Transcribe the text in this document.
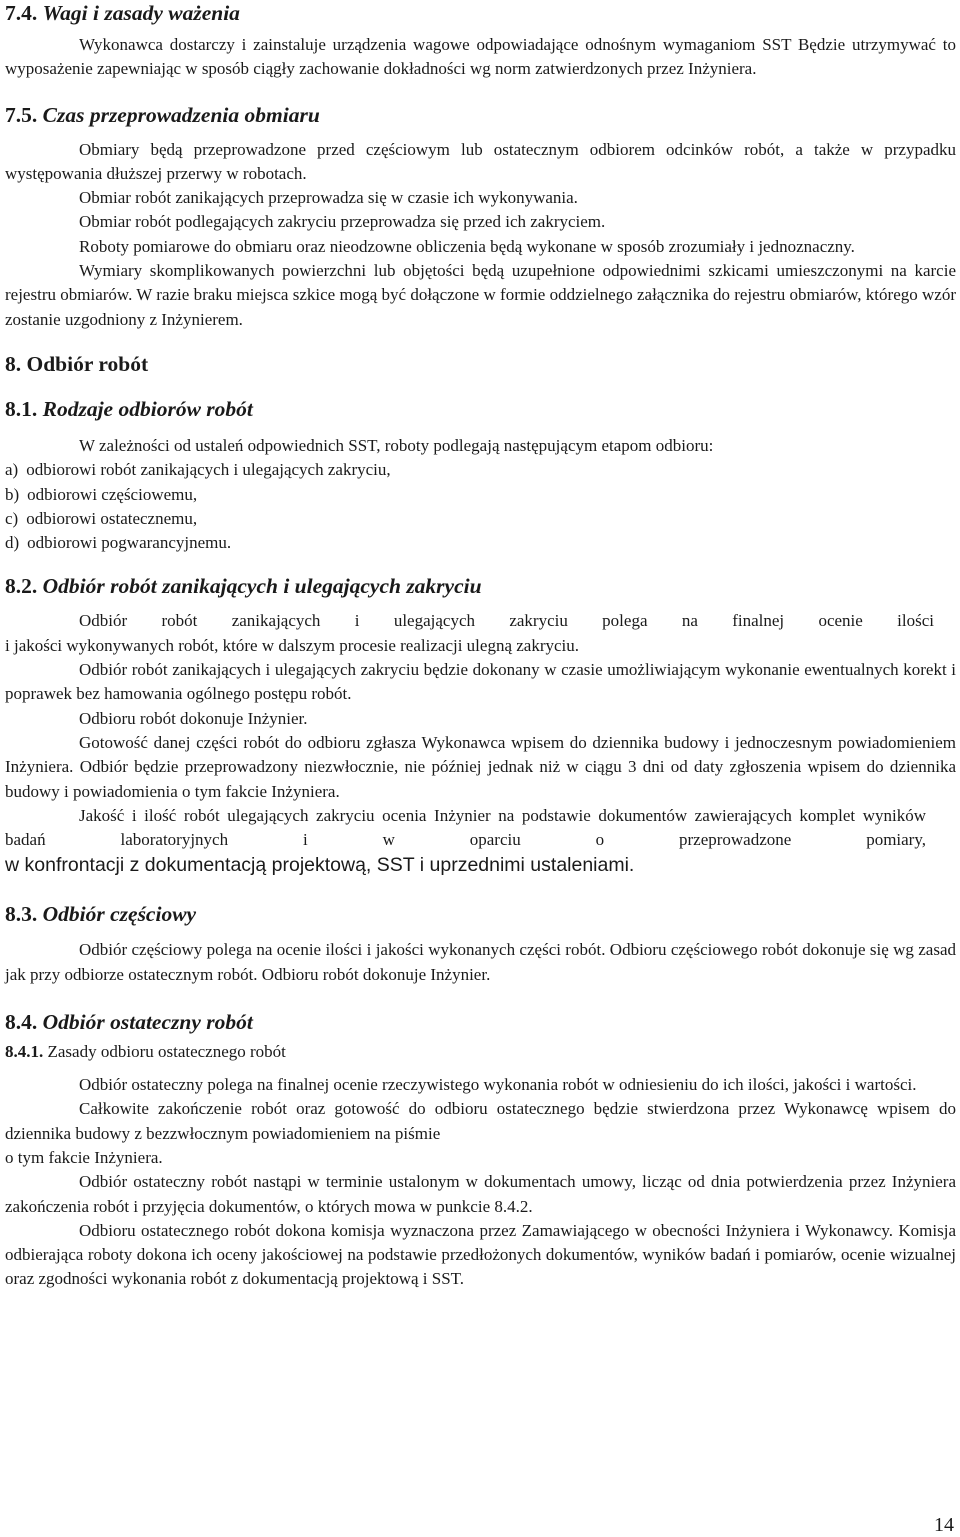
7.4. Wagi i zasady ważenia

Wykonawca dostarczy i zainstaluje urządzenia wagowe odpowiadające odnośnym wymaganiom SST Będzie utrzymywać to wyposażenie zapewniając w sposób ciągły zachowanie dokładności wg norm zatwierdzonych przez Inżyniera.

7.5. Czas przeprowadzenia obmiaru

Obmiary będą przeprowadzone przed częściowym lub ostatecznym odbiorem odcinków robót, a także w przypadku występowania dłuższej przerwy w robotach.

Obmiar robót zanikających przeprowadza się w czasie ich wykonywania.

Obmiar robót podlegających zakryciu przeprowadza się przed ich zakryciem.

Roboty pomiarowe do obmiaru oraz nieodzowne obliczenia będą wykonane w sposób zrozumiały i jednoznaczny.

Wymiary skomplikowanych powierzchni lub objętości będą uzupełnione odpowiednimi szkicami umieszczonymi na karcie rejestru obmiarów. W razie braku miejsca szkice mogą być dołączone w formie oddzielnego załącznika do rejestru obmiarów, którego wzór zostanie uzgodniony z Inżynierem.

8. Odbiór robót
8.1. Rodzaje odbiorów robót

W zależności od ustaleń odpowiednich SST, roboty podlegają następującym etapom odbioru:

a) odbiorowi robót zanikających i ulegających zakryciu,
b) odbiorowi częściowemu,
c) odbiorowi ostatecznemu,
d) odbiorowi pogwarancyjnemu.
8.2. Odbiór robót zanikających i ulegających zakryciu

Odbiór robót zanikających i ulegających zakryciu polega na finalnej ocenie ilości

i jakości wykonywanych robót, które w dalszym procesie realizacji ulegną zakryciu.

Odbiór robót zanikających i ulegających zakryciu będzie dokonany w czasie umożliwiającym wykonanie ewentualnych korekt i poprawek bez hamowania ogólnego postępu robót.

Odbioru robót dokonuje Inżynier.

Gotowość danej części robót do odbioru zgłasza Wykonawca wpisem do dziennika budowy i jednoczesnym powiadomieniem Inżyniera. Odbiór będzie przeprowadzony niezwłocznie, nie później jednak niż w ciągu 3 dni od daty zgłoszenia wpisem do dziennika budowy i powiadomienia o tym fakcie Inżyniera.

Jakość i ilość robót ulegających zakryciu ocenia Inżynier na podstawie dokumentów zawierających komplet wyników badań laboratoryjnych i w oparciu o przeprowadzone pomiary,

w konfrontacji z dokumentacją projektową, SST i uprzednimi ustaleniami.

8.3. Odbiór częściowy

Odbiór częściowy polega na ocenie ilości i jakości wykonanych części robót. Odbioru częściowego robót dokonuje się wg zasad jak przy odbiorze ostatecznym robót. Odbioru robót dokonuje Inżynier.

8.4. Odbiór ostateczny robót

8.4.1. Zasady odbioru ostatecznego robót

Odbiór ostateczny polega na finalnej ocenie rzeczywistego wykonania robót w odniesieniu do ich ilości, jakości i wartości.

Całkowite zakończenie robót oraz gotowość do odbioru ostatecznego będzie stwierdzona przez Wykonawcę wpisem do dziennika budowy z bezzwłocznym powiadomieniem na piśmie

o tym fakcie Inżyniera.

Odbiór ostateczny robót nastąpi w terminie ustalonym w dokumentach umowy, licząc od dnia potwierdzenia przez Inżyniera zakończenia robót i przyjęcia dokumentów, o których mowa w punkcie 8.4.2.

Odbioru ostatecznego robót dokona komisja wyznaczona przez Zamawiającego w obecności Inżyniera i Wykonawcy. Komisja odbierająca roboty dokona ich oceny jakościowej na podstawie przedłożonych dokumentów, wyników badań i pomiarów, ocenie wizualnej oraz zgodności wykonania robót z dokumentacją projektową i SST.

14
